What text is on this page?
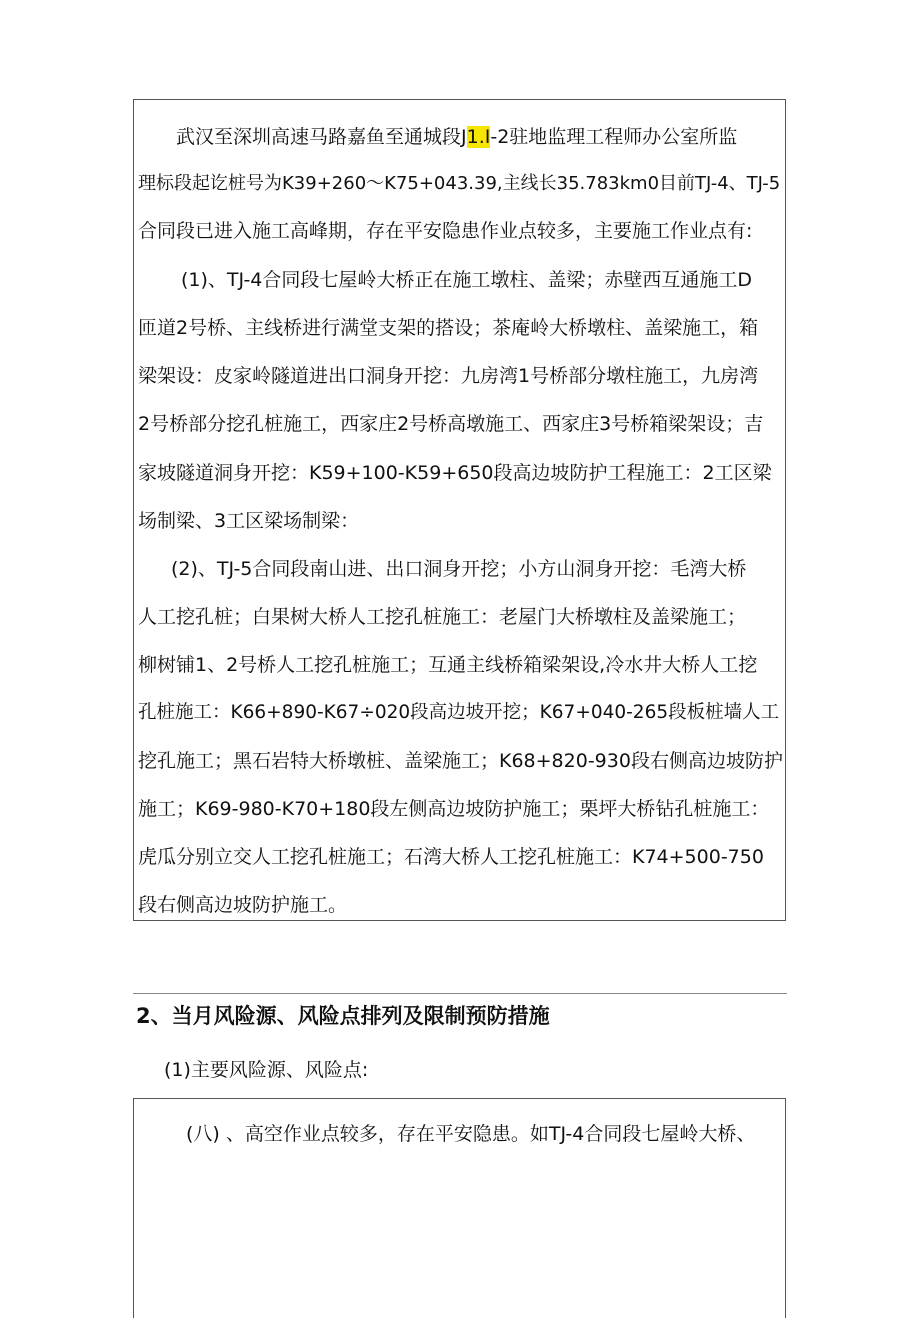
武汉至深圳高速马路嘉鱼至通城段J1.I-2驻地监理工程师办公室所监
理标段起讫桩号为K39+260〜K75+043.39,主线长35.783km0目前TJ-4、TJ-5
合同段已进入施工高峰期，存在平安隐患作业点较多，主要施工作业点有:
(1)、TJ-4合同段七屋岭大桥正在施工墩柱、盖梁；赤壁西互通施工D
匝道2号桥、主线桥进行满堂支架的搭设；茶庵岭大桥墩柱、盖梁施工，箱
梁架设：皮家岭隧道进出口洞身开挖：九房湾1号桥部分墩柱施工，九房湾
2号桥部分挖孔桩施工，西家庄2号桥高墩施工、西家庄3号桥箱梁架设；吉
家坡隧道洞身开挖：K59+100-K59+650段高边坡防护工程施工：2工区梁
场制梁、3工区梁场制梁：
(2)、TJ-5合同段南山进、出口洞身开挖；小方山洞身开挖：毛湾大桥
人工挖孔桩；白果树大桥人工挖孔桩施工：老屋门大桥墩柱及盖梁施工；
柳树铺1、2号桥人工挖孔桩施工；互通主线桥箱梁架设,冷水井大桥人工挖
孔桩施工：K66+890-K67÷020段高边坡开挖；K67+040-265段板桩墙人工
挖孔施工；黑石岩特大桥墩桩、盖梁施工；K68+820-930段右侧高边坡防护
施工；K69-980-K70+180段左侧高边坡防护施工；栗坪大桥钻孔桩施工：
虎瓜分别立交人工挖孔桩施工；石湾大桥人工挖孔桩施工：K74+500-750
段右侧高边坡防护施工。
2、当月风险源、风险点排列及限制预防措施
(1)主要风险源、风险点:
(八) 、高空作业点较多，存在平安隐患。如TJ-4合同段七屋岭大桥、
